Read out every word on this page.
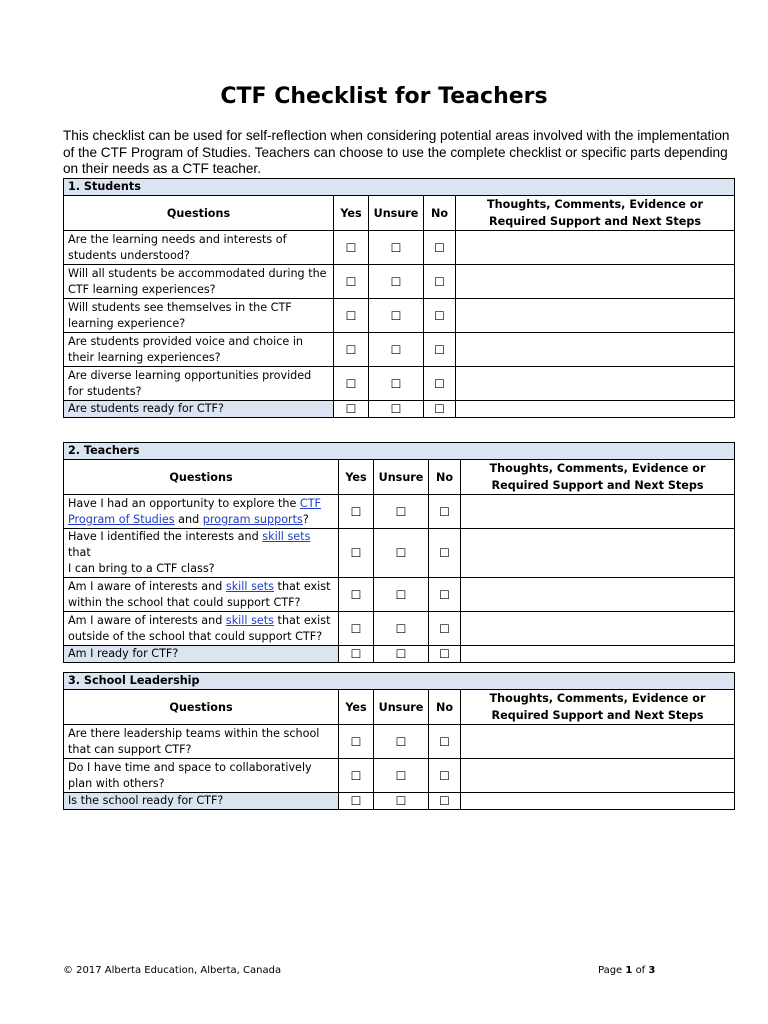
CTF Checklist for Teachers

This checklist can be used for self-reflection when considering potential areas involved with the implementation

of the CTF Program of Studies. Teachers can choose to use the complete checklist or specific parts depending

on their needs as a CTF teacher.

1. Students				
Questions	Yes	Unsure	No	Thoughts, Comments, Evidence or
Required Support and Next Steps
Are the learning needs and interests of
students understood?	☐	☐	☐	
Will all students be accommodated during the
CTF learning experiences?	☐	☐	☐	
Will students see themselves in the CTF
learning experience?	☐	☐	☐	
Are students provided voice and choice in
their learning experiences?	☐	☐	☐	
Are diverse learning opportunities provided
for students?	☐	☐	☐	
Are students ready for CTF?	☐	☐	☐	
2. Teachers				
Questions	Yes	Unsure	No	Thoughts, Comments, Evidence or
Required Support and Next Steps
Have I had an opportunity to explore the CTF
Program of Studies and program supports?	☐	☐	☐	
Have I identified the interests and skill sets that
I can bring to a CTF class?	☐	☐	☐	
Am I aware of interests and skill sets that exist
within the school that could support CTF?	☐	☐	☐	
Am I aware of interests and skill sets that exist
outside of the school that could support CTF?	☐	☐	☐	
Am I ready for CTF?	☐	☐	☐	
3. School Leadership				
Questions	Yes	Unsure	No	Thoughts, Comments, Evidence or
Required Support and Next Steps
Are there leadership teams within the school
that can support CTF?	☐	☐	☐	
Do I have time and space to collaboratively
plan with others?	☐	☐	☐	
Is the school ready for CTF?	☐	☐	☐	
© 2017 Alberta Education, Alberta, Canada	Page 1 of 3
